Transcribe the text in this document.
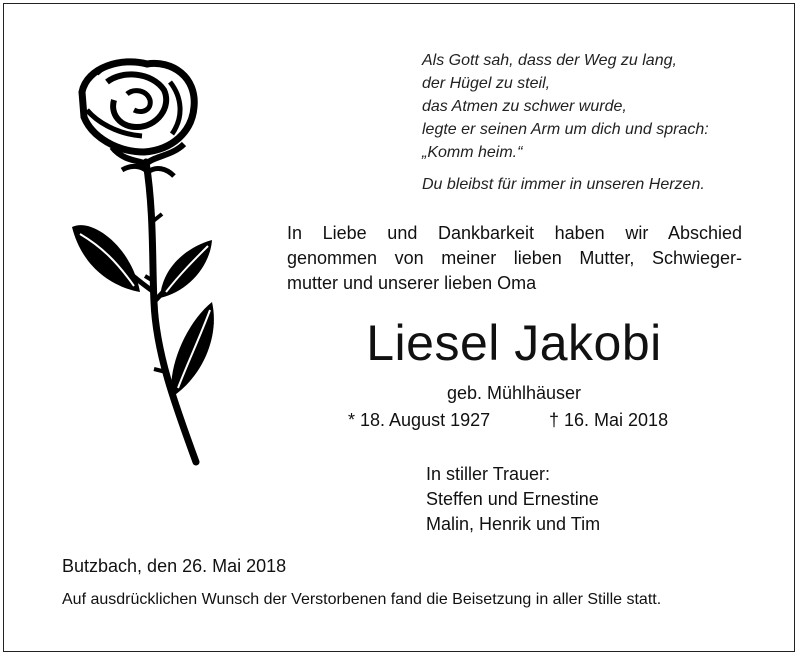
Als Gott sah, dass der Weg zu lang,
der Hügel zu steil,
das Atmen zu schwer wurde,
legte er seinen Arm um dich und sprach:
„Komm heim.“
Du bleibst für immer in unseren Herzen.
In Liebe und Dankbarkeit haben wir Abschied
genommen von meiner lieben Mutter, Schwieger-
mutter und unserer lieben Oma
Liesel Jakobi
geb. Mühlhäuser
* 18. August 1927	† 16. Mai 2018
In stiller Trauer:
Steffen und Ernestine
Malin, Henrik und Tim
Butzbach, den 26. Mai 2018
Auf ausdrücklichen Wunsch der Verstorbenen fand die Beisetzung in aller Stille statt.
